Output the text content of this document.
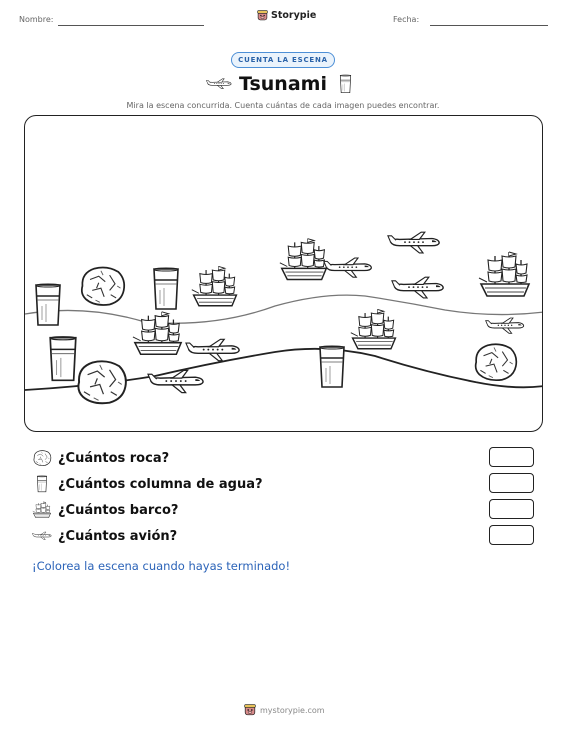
Nombre:	Storypie	Fecha:
CUENTA LA ESCENA
Tsunami
Mira la escena concurrida. Cuenta cuántas de cada imagen puedes encontrar.
¿Cuántos roca?
¿Cuántos columna de agua?
¿Cuántos barco?
¿Cuántos avión?
¡Colorea la escena cuando hayas terminado!
mystorypie.com
